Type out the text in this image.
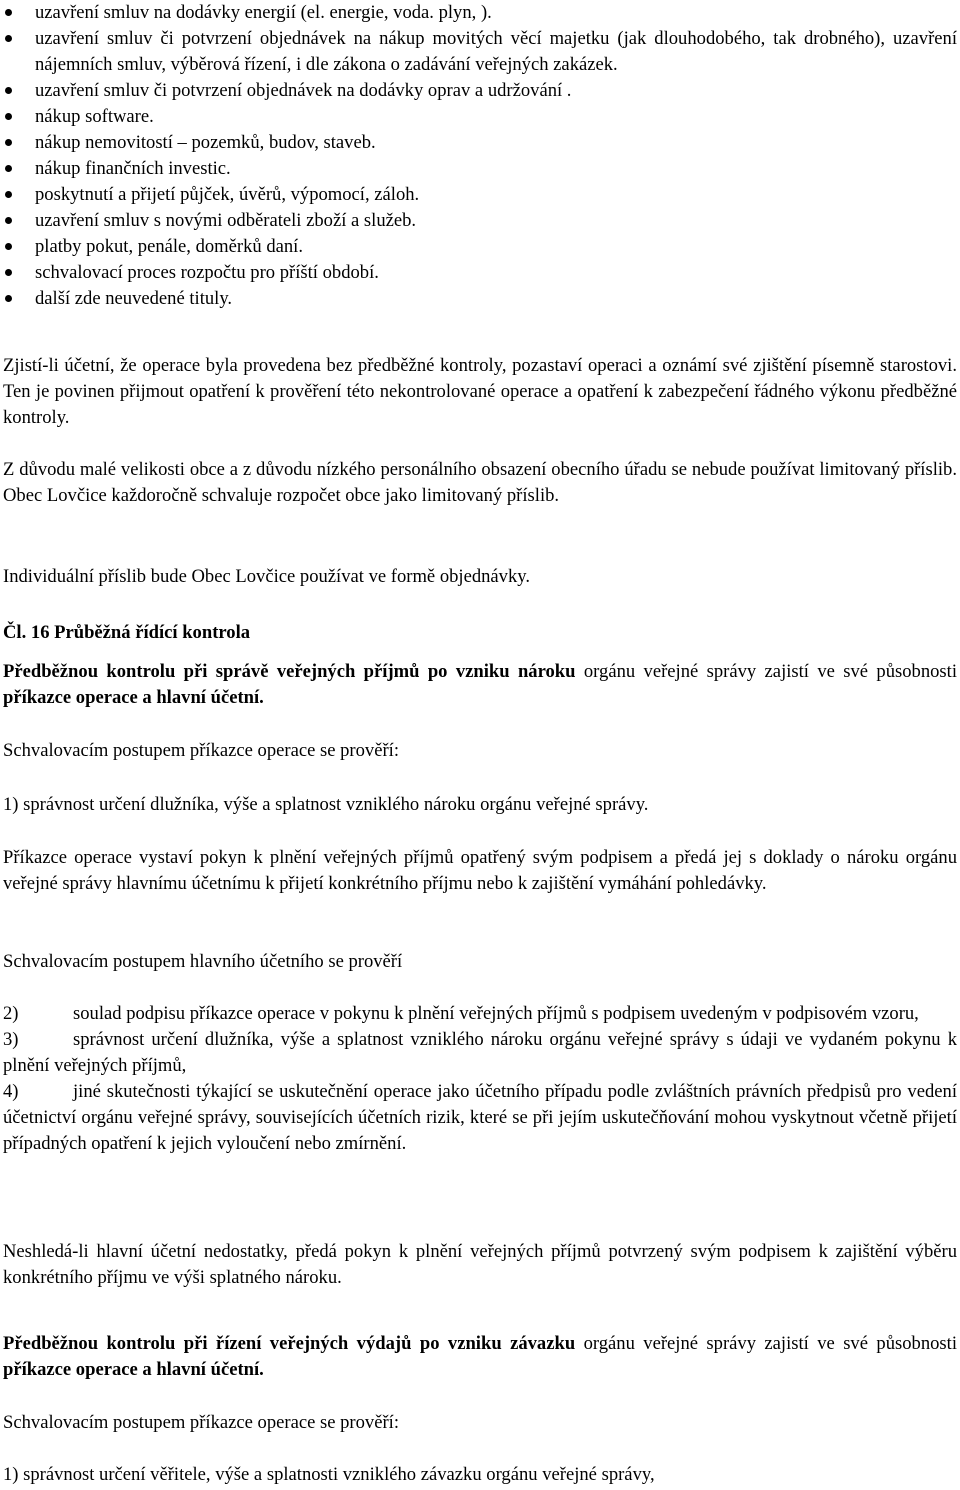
uzavření smluv na dodávky energií (el. energie, voda. plyn, ).
uzavření smluv či potvrzení objednávek na nákup movitých věcí majetku (jak dlouhodobého, tak drobného), uzavření nájemních smluv, výběrová řízení, i dle zákona o zadávání veřejných zakázek.
uzavření smluv či potvrzení objednávek na dodávky oprav a udržování .
nákup software.
nákup nemovitostí – pozemků, budov, staveb.
nákup finančních investic.
poskytnutí a přijetí půjček, úvěrů, výpomocí, záloh.
uzavření smluv s novými odběrateli zboží a služeb.
platby pokut, penále, doměrků daní.
schvalovací proces rozpočtu pro příští období.
další zde neuvedené tituly.

Zjistí-li účetní, že operace byla provedena bez předběžné kontroly, pozastaví operaci a oznámí své zjištění písemně starostovi. Ten je povinen přijmout opatření k prověření této nekontrolované operace a opatření k zabezpečení řádného výkonu předběžné kontroly.

Z důvodu malé velikosti obce a z důvodu nízkého personálního obsazení obecního úřadu se nebude používat limitovaný příslib. Obec Lovčice každoročně schvaluje rozpočet obce jako limitovaný příslib.

Individuální příslib bude Obec Lovčice používat ve formě objednávky.

Čl. 16 Průběžná řídící kontrola

Předběžnou kontrolu při správě veřejných příjmů po vzniku nároku orgánu veřejné správy zajistí ve své působnosti příkazce operace a hlavní účetní.

Schvalovacím postupem příkazce operace se prověří:

1) správnost určení dlužníka, výše a splatnost vzniklého nároku orgánu veřejné správy.

Příkazce operace vystaví pokyn k plnění veřejných příjmů opatřený svým podpisem a předá jej s doklady o nároku orgánu veřejné správy hlavnímu účetnímu k přijetí konkrétního příjmu nebo k zajištění vymáhání pohledávky.

Schvalovacím postupem hlavního účetního se prověří

2)	soulad podpisu příkazce operace v pokynu k plnění veřejných příjmů s podpisem uvedeným v podpisovém vzoru,

3)	správnost určení dlužníka, výše a splatnost vzniklého nároku orgánu veřejné správy s údaji ve vydaném pokynu k plnění veřejných příjmů,

4)	jiné skutečnosti týkající se uskutečnění operace jako účetního případu podle zvláštních právních předpisů pro vedení účetnictví orgánu veřejné správy, souvisejících účetních rizik, které se při jejím uskutečňování mohou vyskytnout včetně přijetí případných opatření k jejich vyloučení nebo zmírnění.

Neshledá-li hlavní účetní nedostatky, předá pokyn k plnění veřejných příjmů potvrzený svým podpisem k zajištění výběru konkrétního příjmu ve výši splatného nároku.

Předběžnou kontrolu při řízení veřejných výdajů po vzniku závazku orgánu veřejné správy zajistí ve své působnosti příkazce operace a hlavní účetní.

Schvalovacím postupem příkazce operace se prověří:

1) správnost určení věřitele, výše a splatnosti vzniklého závazku orgánu veřejné správy,
